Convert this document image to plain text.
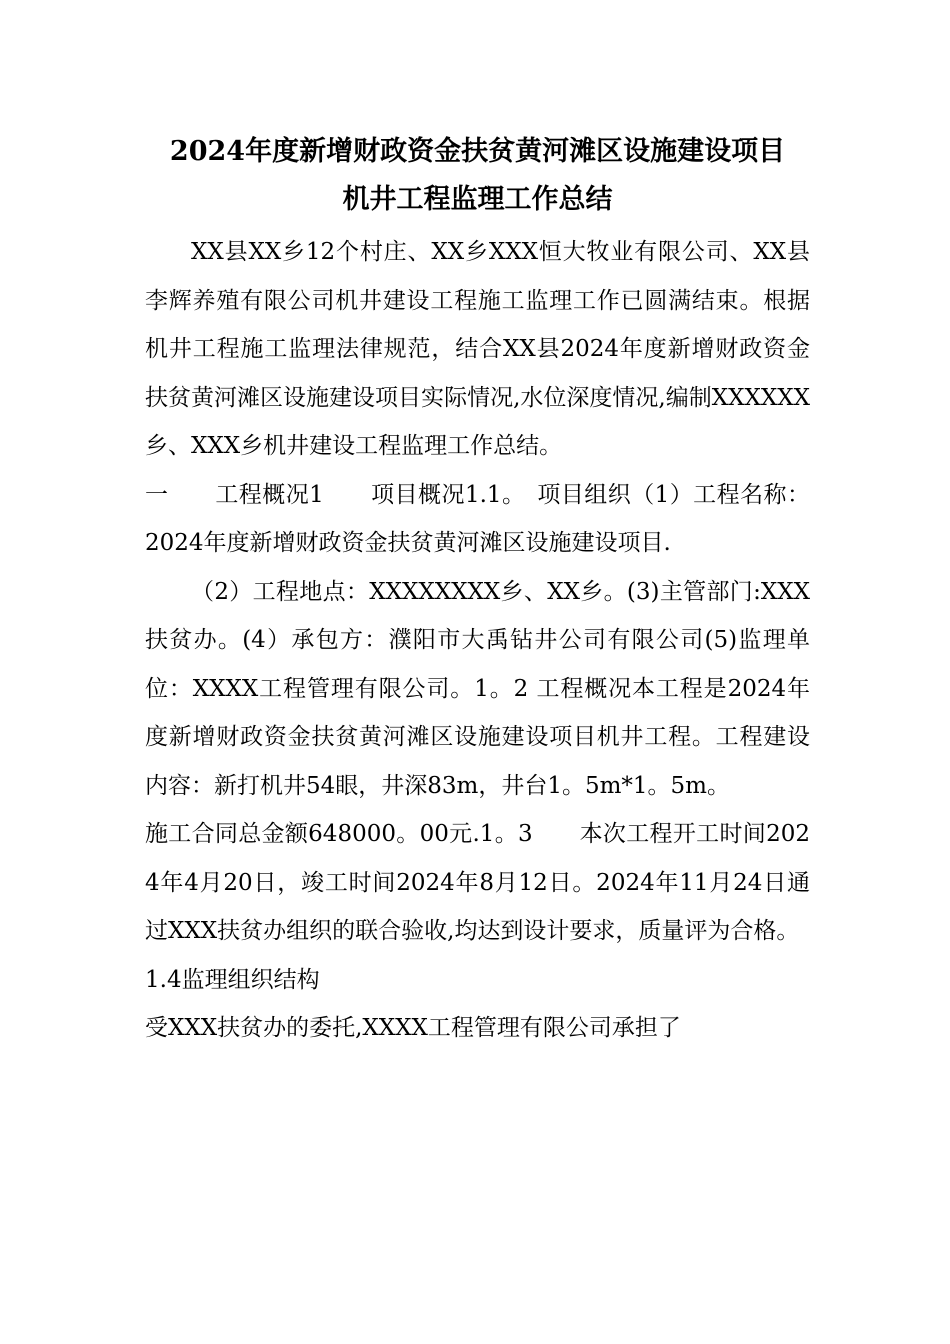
2024年度新增财政资金扶贫黄河滩区设施建设项目
机井工程监理工作总结

XX县XX乡12个村庄、XX乡XXX恒大牧业有限公司、XX县李辉养殖有限公司机井建设工程施工监理工作已圆满结束。根据机井工程施工监理法律规范，结合XX县2024年度新增财政资金扶贫黄河滩区设施建设项目实际情况,水位深度情况,编制XXXXXX乡、XXX乡机井建设工程监理工作总结。

一　　工程概况1　　项目概况1.1。　项目组织（1）工程名称：2024年度新增财政资金扶贫黄河滩区设施建设项目.

（2）工程地点：XXXXXXXX乡、XX乡。(3)主管部门:XXX扶贫办。(4）承包方：濮阳市大禹钻井公司有限公司(5)监理单位：XXXX工程管理有限公司。1。2 工程概况本工程是2024年度新增财政资金扶贫黄河滩区设施建设项目机井工程。工程建设内容：新打机井54眼，井深83m，井台1。5m*1。5m。

施工合同总金额648000。00元.1。3　　本次工程开工时间2024年4月20日，竣工时间2024年8月12日。2024年11月24日通过XXX扶贫办组织的联合验收,均达到设计要求，质量评为合格。

1.4监理组织结构

受XXX扶贫办的委托,XXXX工程管理有限公司承担了
